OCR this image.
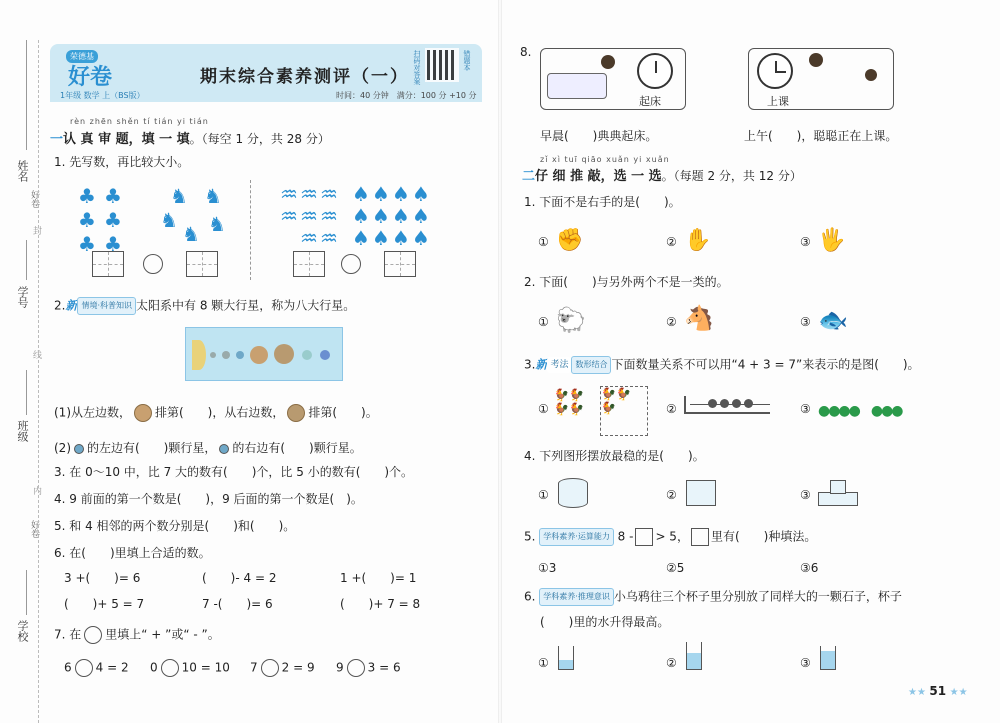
姓名
学号
班级
学校
封
线
内
好卷
好卷
荣德基
好卷	期末综合素养测评（一） 扫码对答案	错题本
1年级 数学 上（BS版）	时间：40 分钟　满分：100 分 +10 分
rèn zhēn shěn tí tián yi tián
一认 真 审 题，填 一 填。（每空 1 分，共 28 分）
1. 先写数，再比较大小。
♣ ♣
♣ ♣
♣ ♣
♞ ♞
♞
♞ ♞
♒ ♒ ♒
♒ ♒ ♒
♒ ♒
♠ ♠ ♠ ♠
♠ ♠ ♠ ♠
♠ ♠ ♠ ♠
2.新 情境·科普知识 太阳系中有 8 颗大行星，称为八大行星。
(1)从左边数， 排第(　　)，从右边数， 排第(　　)。
(2) 的左边有(　　)颗行星， 的右边有(　　)颗行星。
3. 在 0～10 中，比 7 大的数有(　　)个，比 5 小的数有(　　)个。
4. 9 前面的第一个数是(　　)，9 后面的第一个数是(　)。
5. 和 4 相邻的两个数分别是(　　)和(　　)。
6. 在(　　)里填上合适的数。
3 +(　　)= 6	(　　)- 4 = 2	1 +(　　)= 1
(　　)+ 5 = 7	7 -(　　)= 6	(　　)+ 7 = 8
7. 在 里填上“ + ”或“ - ”。
6 4 = 2 0 10 = 10 7 2 = 9 9 3 = 6
8.
起床	上课
早晨(　　)典典起床。	上午(　　)，聪聪正在上课。
zǐ xì tuī qiāo xuǎn yi xuǎn
二仔 细 推 敲，选 一 选。（每题 2 分，共 12 分）
1. 下面不是右手的是(　　)。
① ✊	② ✋	③ 🖐
2. 下面(　　)与另外两个不是一类的。
① 🐑	② 🐴	③ 🐟
3.新 考法 数形结合 下面数量关系不可以用“4 + 3 = 7”来表示的是图(　　)。
①
🐓🐓
🐓🐓
🐓🐓
🐓	②	③ ●●●●　●●●
4. 下列图形摆放最稳的是(　　)。
①	②	③
5. 学科素养·运算能力 8 - > 5， 里有(　　)种填法。
①3	②5	③6
6. 学科素养·推理意识 小乌鸦往三个杯子里分别放了同样大的一颗石子，杯子
(　　)里的水升得最高。
①	②	③
★★ 51 ★★
